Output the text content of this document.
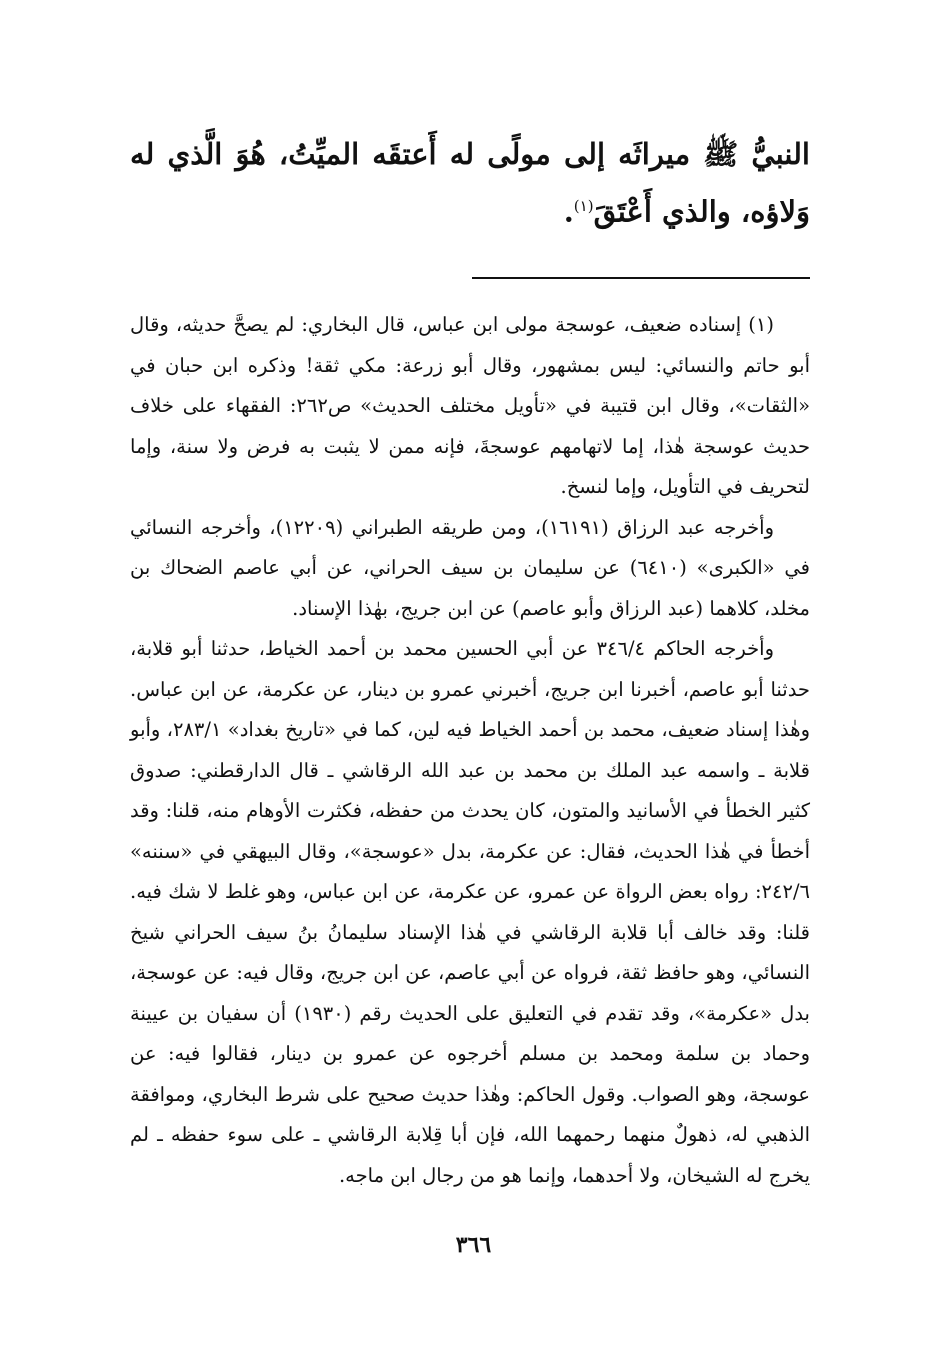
النبيُّ ﷺ ميراثَه إلى مولًى له أَعتقَه الميِّتُ، هُوَ الَّذي له وَلاؤه، والذي أَعْتَقَ$^{(١)}$.

(١) إسناده ضعيف، عوسجة مولى ابن عباس، قال البخاري: لم يصحَّ حديثه، وقال أبو حاتم والنسائي: ليس بمشهور، وقال أبو زرعة: مكي ثقة! وذكره ابن حبان في «الثقات»، وقال ابن قتيبة في «تأويل مختلف الحديث» ص٢٦٢: الفقهاء على خلاف حديث عوسجة هٰذا، إما لاتهامهم عوسجةَ، فإنه ممن لا يثبت به فرض ولا سنة، وإما لتحريف في التأويل، وإما لنسخ.

وأخرجه عبد الرزاق (١٦١٩١)، ومن طريقه الطبراني (١٢٢٠٩)، وأخرجه النسائي في «الكبرى» (٦٤١٠) عن سليمان بن سيف الحراني، عن أبي عاصم الضحاك بن مخلد، كلاهما (عبد الرزاق وأبو عاصم) عن ابن جريج، بهٰذا الإسناد.

وأخرجه الحاكم ٣٤٦/٤ عن أبي الحسين محمد بن أحمد الخياط، حدثنا أبو قلابة، حدثنا أبو عاصم، أخبرنا ابن جريج، أخبرني عمرو بن دينار، عن عكرمة، عن ابن عباس. وهٰذا إسناد ضعيف، محمد بن أحمد الخياط فيه لين، كما في «تاريخ بغداد» ٢٨٣/١، وأبو قلابة ـ واسمه عبد الملك بن محمد بن عبد الله الرقاشي ـ قال الدارقطني: صدوق كثير الخطأ في الأسانيد والمتون، كان يحدث من حفظه، فكثرت الأوهام منه، قلنا: وقد أخطأ في هٰذا الحديث، فقال: عن عكرمة، بدل «عوسجة»، وقال البيهقي في «سننه» ٢٤٢/٦: رواه بعض الرواة عن عمرو، عن عكرمة، عن ابن عباس، وهو غلط لا شك فيه. قلنا: وقد خالف أبا قلابة الرقاشي في هٰذا الإسناد سليمانُ بنُ سيف الحراني شيخ النسائي، وهو حافظ ثقة، فرواه عن أبي عاصم، عن ابن جريج، وقال فيه: عن عوسجة، بدل «عكرمة»، وقد تقدم في التعليق على الحديث رقم (١٩٣٠) أن سفيان بن عيينة وحماد بن سلمة ومحمد بن مسلم أخرجوه عن عمرو بن دينار، فقالوا فيه: عن عوسجة، وهو الصواب. وقول الحاكم: وهٰذا حديث صحيح على شرط البخاري، وموافقة الذهبي له، ذهولٌ منهما رحمهما الله، فإن أبا قِلابة الرقاشي ـ على سوء حفظه ـ لم يخرج له الشيخان، ولا أحدهما، وإنما هو من رجال ابن ماجه.

٣٦٦
